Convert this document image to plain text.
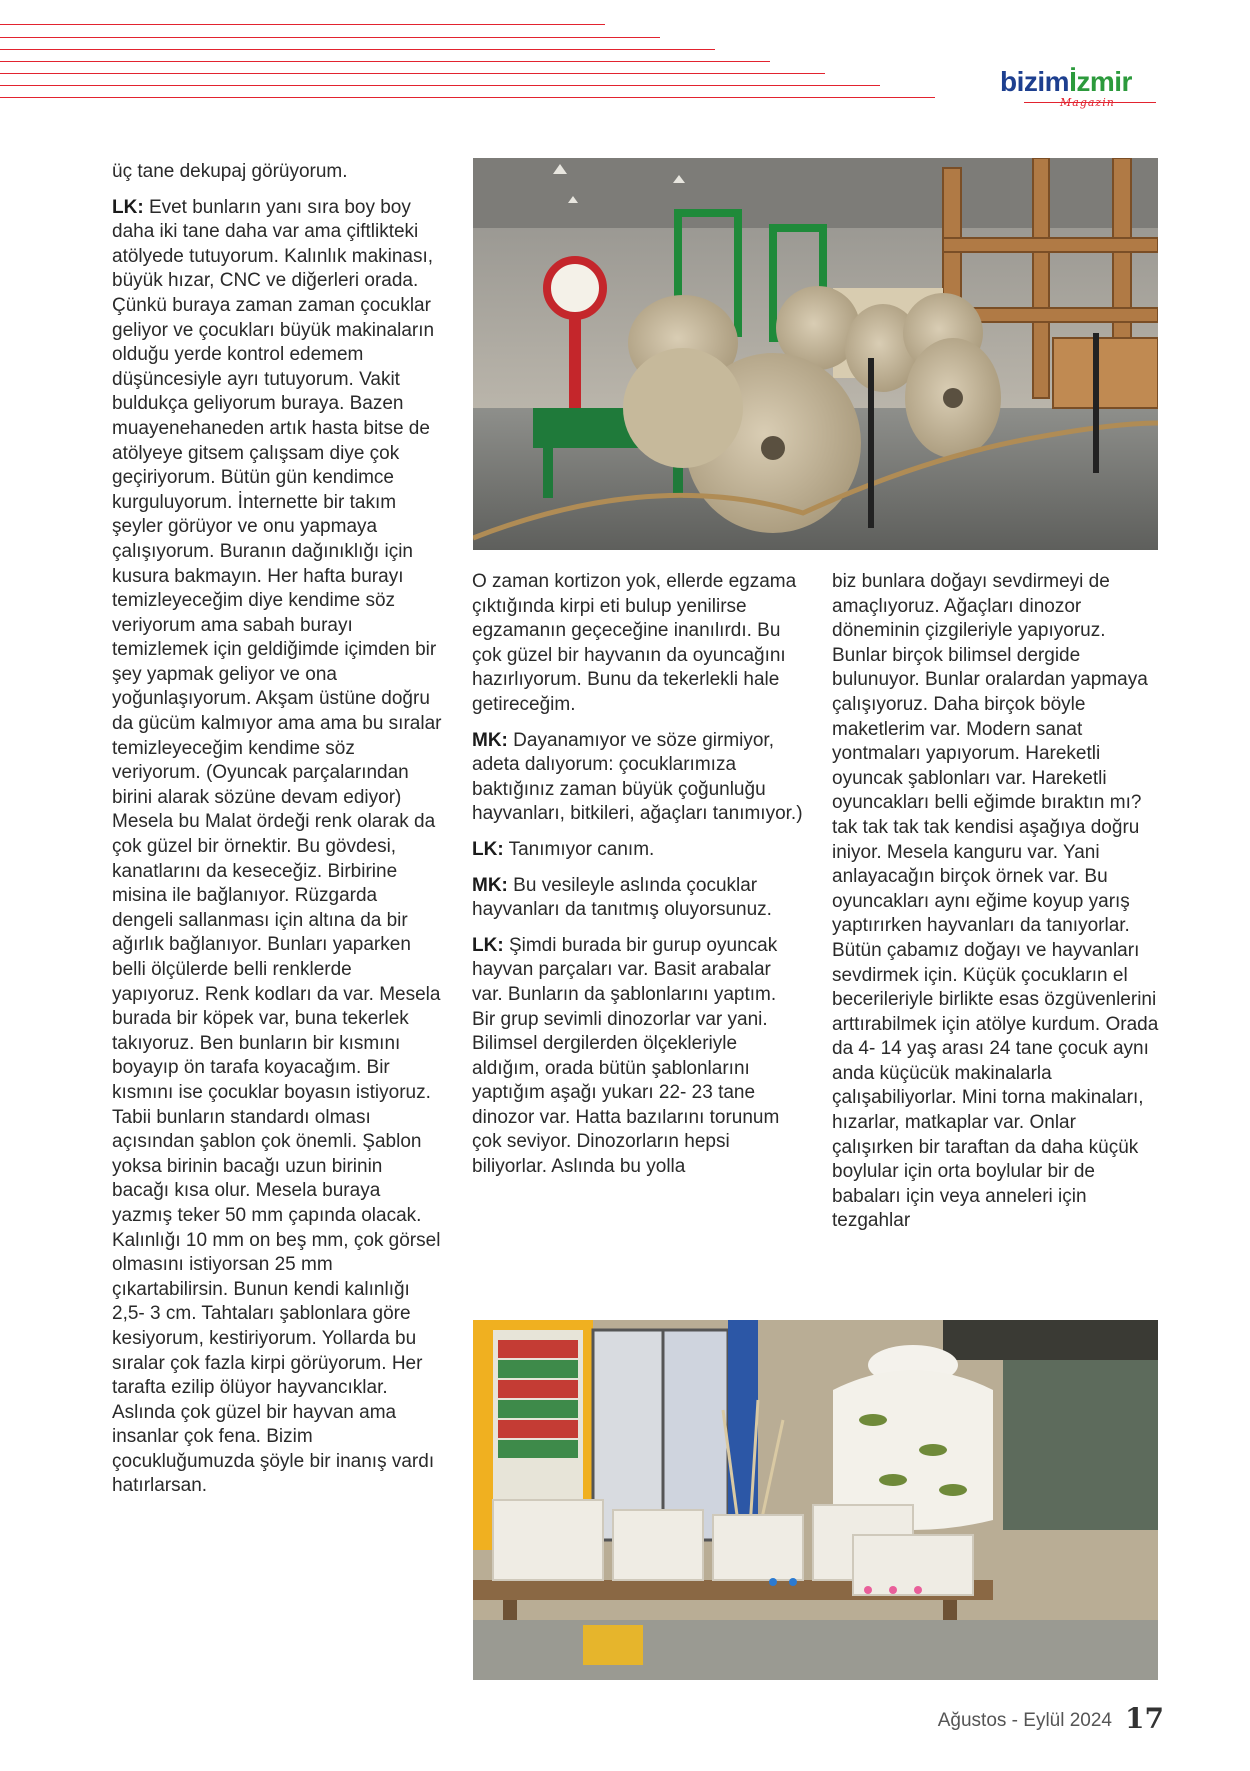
bizimİzmir
Magazin

üç tane dekupaj görüyorum.

LK: Evet bunların yanı sıra boy boy daha iki tane daha var ama çiftlikteki atölyede tutuyorum. Kalınlık makinası, büyük hızar, CNC ve diğerleri orada. Çünkü buraya zaman zaman çocuklar geliyor ve çocukları büyük makinaların olduğu yerde kontrol edemem düşüncesiyle ayrı tutuyorum. Vakit buldukça geliyorum buraya. Bazen muayenehaneden artık hasta bitse de atölyeye gitsem çalışsam diye çok geçiriyorum. Bütün gün kendimce kurguluyorum. İnternette bir takım şeyler görüyor ve onu yapmaya çalışıyorum. Buranın dağınıklığı için kusura bakmayın. Her hafta burayı temizleyeceğim diye kendime söz veriyorum ama sabah burayı temizlemek için geldiğimde içimden bir şey yapmak geliyor ve ona yoğunlaşıyorum. Akşam üstüne doğru da gücüm kalmıyor ama ama bu sıralar temizleyeceğim kendime söz veriyorum. (Oyuncak parçalarından birini alarak sözüne devam ediyor) Mesela bu Malat ördeği renk olarak da çok güzel bir örnektir. Bu gövdesi, kanatlarını da keseceğiz. Birbirine misina ile bağlanıyor. Rüzgarda dengeli sallanması için altına da bir ağırlık bağlanıyor. Bunları yaparken belli ölçülerde belli renklerde yapıyoruz. Renk kodları da var. Mesela burada bir köpek var, buna tekerlek takıyoruz. Ben bunların bir kısmını boyayıp ön tarafa koyacağım. Bir kısmını ise çocuklar boyasın istiyoruz. Tabii bunların standardı olması açısından şablon çok önemli. Şablon yoksa birinin bacağı uzun birinin bacağı kısa olur. Mesela buraya yazmış teker 50 mm çapında olacak. Kalınlığı 10 mm on beş mm, çok görsel olmasını istiyorsan 25 mm çıkartabilirsin. Bunun kendi kalınlığı 2,5- 3 cm. Tahtaları şablonlara göre kesiyorum, kestiriyorum. Yollarda bu sıralar çok fazla kirpi görüyorum. Her tarafta ezilip ölüyor hayvancıklar. Aslında çok güzel bir hayvan ama insanlar çok fena. Bizim çocukluğumuzda şöyle bir inanış vardı hatırlarsan.

O zaman kortizon yok, ellerde egzama çıktığında kirpi eti bulup yenilirse egzamanın geçeceğine inanılırdı. Bu çok güzel bir hayvanın da oyuncağını hazırlıyorum. Bunu da tekerlekli hale getireceğim.

MK: Dayanamıyor ve söze girmiyor, adeta dalıyorum: çocuklarımıza baktığınız zaman büyük çoğunluğu hayvanları, bitkileri, ağaçları tanımıyor.)

LK: Tanımıyor canım.

MK: Bu vesileyle aslında çocuklar hayvanları da tanıtmış oluyorsunuz.

LK: Şimdi burada bir gurup oyuncak hayvan parçaları var. Basit arabalar var. Bunların da şablonlarını yaptım. Bir grup sevimli dinozorlar var yani. Bilimsel dergilerden ölçekleriyle aldığım, orada bütün şablonlarını yaptığım aşağı yukarı 22- 23 tane dinozor var. Hatta bazılarını torunum çok seviyor. Dinozorların hepsi biliyorlar. Aslında bu yolla

biz bunlara doğayı sevdirmeyi de amaçlıyoruz. Ağaçları dinozor döneminin çizgileriyle yapıyoruz. Bunlar birçok bilimsel dergide bulunuyor. Bunlar oralardan yapmaya çalışıyoruz. Daha birçok böyle maketlerim var. Modern sanat yontmaları yapıyorum. Hareketli oyuncak şablonları var. Hareketli oyuncakları belli eğimde bıraktın mı? tak tak tak tak kendisi aşağıya doğru iniyor. Mesela kanguru var. Yani anlayacağın birçok örnek var. Bu oyuncakları aynı eğime koyup yarış yaptırırken hayvanları da tanıyorlar. Bütün çabamız doğayı ve hayvanları sevdirmek için. Küçük çocukların el becerileriyle birlikte esas özgüvenlerini arttırabilmek için atölye kurdum. Orada da 4- 14 yaş arası 24 tane çocuk aynı anda küçücük makinalarla çalışabiliyorlar. Mini torna makinaları, hızarlar, matkaplar var. Onlar çalışırken bir taraftan da daha küçük boylular için orta boylular bir de babaları için veya anneleri için tezgahlar

Ağustos - Eylül 2024 17
